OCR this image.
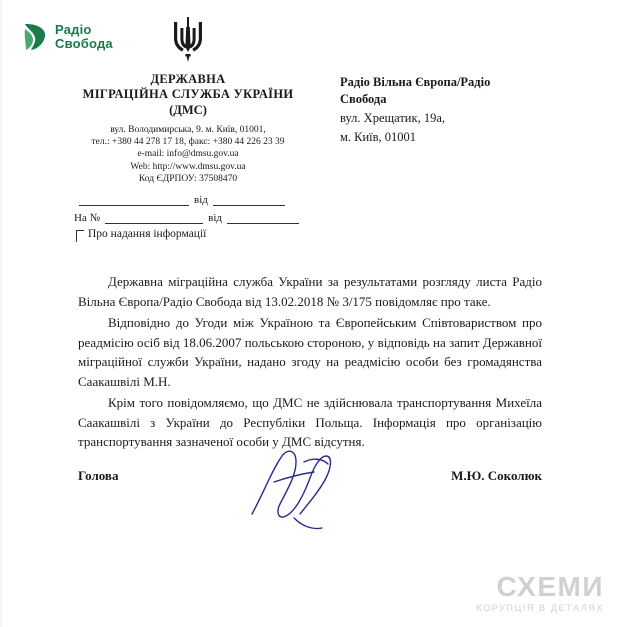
Радіо
Свобода
ДЕРЖАВНА
МІГРАЦІЙНА СЛУЖБА УКРАЇНИ
(ДМС)
вул. Володимирська, 9. м. Київ, 01001,
тел.: +380 44 278 17 18, факс: +380 44 226 23 39
e-mail: info@dmsu.gov.ua
Web: http://www.dmsu.gov.ua
Код ЄДРПОУ: 37508470
від
На №	від
Про надання інформації
Радіо Вільна Європа/Радіо
Свобода
вул. Хрещатик, 19а,
м. Київ, 01001

Державна міграційна служба України за результатами розгляду листа Радіо Вільна Європа/Радіо Свобода від 13.02.2018 № 3/175 повідомляє про таке.

Відповідно до Угоди між Україною та Європейським Співтовариством про реадмісію осіб від 18.06.2007 польською стороною, у відповідь на запит Державної міграційної служби України, надано згоду на реадмісію особи без громадянства Саакашвілі М.Н.

Крім того повідомляємо, що ДМС не здійснювала транспортування Михеїла Саакашвілі з України до Республіки Польща. Інформація про організацію транспортування зазначеної особи у ДМС відсутня.

Голова	М.Ю. Соколюк
СХЕМИ
КОРУПЦІЯ В ДЕТАЛЯХ
